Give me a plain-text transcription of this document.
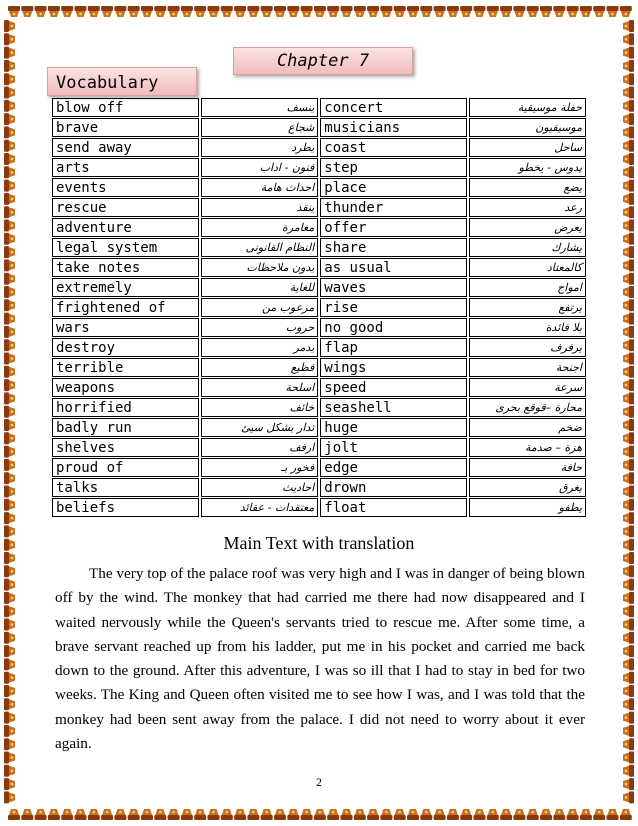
Chapter 7
Vocabulary
blow off	ينسف	concert	حفلة موسيقية
brave	شجاع	musicians	موسيقيون
send away	يطرد	coast	ساحل
arts	فنون - اداب	step	يدوس - يخطو
events	احداث هامة	place	يضع
rescue	ينقذ	thunder	رعد
adventure	مغامرة	offer	يعرض
legal system	النظام القانونى	share	يشارك
take notes	يدون ملاحظات	as usual	كالمعتاد
extremely	للغاية	waves	امواج
frightened of	مرعوب من	rise	يرتفع
wars	حروب	no good	بلا فائدة
destroy	يدمر	flap	يرفرف
terrible	فظيع	wings	اجنحة
weapons	اسلحة	speed	سرعة
horrified	خائف	seashell	محارة –قوقع بحرى
badly run	تدار بشكل سيئ	huge	ضخم
shelves	ارفف	jolt	هزة – صدمة
proud of	فخور بـ	edge	حافة
talks	احاديث	drown	يغرق
beliefs	معتقدات - عقائد	float	يطفو
Main Text with translation

The very top of the palace roof was very high and I was in danger of being blown off by the wind. The monkey that had carried me there had now disappeared and I waited nervously while the Queen's servants tried to rescue me. After some time, a brave servant reached up from his ladder, put me in his pocket and carried me back down to the ground. After this adventure, I was so ill that I had to stay in bed for two weeks. The King and Queen often visited me to see how I was, and I was told that the monkey had been sent away from the palace. I did not need to worry about it ever again.

2
